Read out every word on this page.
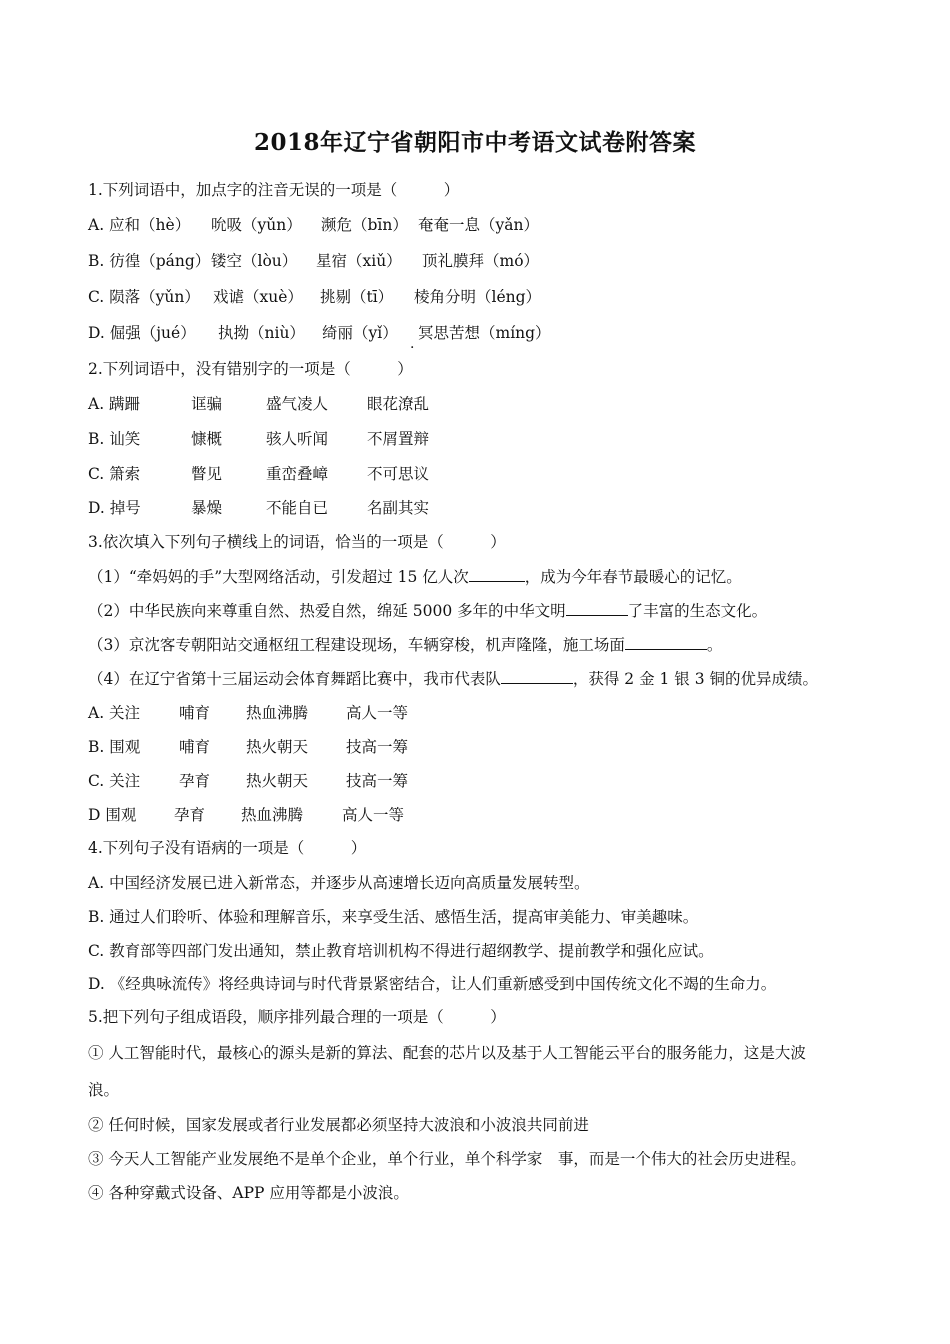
2018年辽宁省朝阳市中考语文试卷附答案
1.下列词语中，加点字的注音无误的一项是（　　　）
A. 应和（hè） 吮吸（yǔn） 濒危（bīn） 奄奄一息（yǎn）
B. 彷徨（páng） 镂空（lòu） 星宿（xiǔ） 顶礼膜拜（mó）
C. 陨落（yǔn） 戏谑（xuè） 挑剔（tī） 棱角分明（léng）
D. 倔强（jué） 执拗（niù） 绮丽（yǐ） 冥思苦想（míng）
·
2.下列词语中，没有错别字的一项是（　　　）
A. 蹒跚	诓骗	盛气凌人	眼花潦乱
B. 讪笑	慷概	骇人听闻	不屑置辩
C. 箫索	瞥见	重峦叠嶂	不可思议
D. 掉号	暴燥	不能自已	名副其实
3.依次填入下列句子横线上的词语，恰当的一项是（　　　）
（1）“牵妈妈的手”大型网络活动，引发超过 15 亿人次	，成为今年春节最暖心的记忆。
（2）中华民族向来尊重自然、热爱自然，绵延 5000 多年的中华文明	了丰富的生态文化。
（3）京沈客专朝阳站交通枢纽工程建设现场，车辆穿梭，机声隆隆，施工场面	。
（4）在辽宁省第十三届运动会体育舞蹈比赛中，我市代表队	，获得 2 金 1 银 3 铜的优异成绩。
A. 关注	哺育 热血沸腾 高人一等
B. 围观	哺育 热火朝天 技高一筹
C. 关注	孕育 热火朝天 技高一筹
D 围观 孕育 热血沸腾	高人一等
4.下列句子没有语病的一项是（　　　）
A. 中国经济发展已进入新常态，并逐步从高速增长迈向高质量发展转型。
B. 通过人们聆听、体验和理解音乐，来享受生活、感悟生活，提高审美能力、审美趣味。
C. 教育部等四部门发出通知，禁止教育培训机构不得进行超纲教学、提前教学和强化应试。
D. 《经典咏流传》将经典诗词与时代背景紧密结合，让人们重新感受到中国传统文化不竭的生命力。
5.把下列句子组成语段，顺序排列最合理的一项是（　　　）
① 人工智能时代，最核心的源头是新的算法、配套的芯片以及基于人工智能云平台的服务能力，这是大波
浪。
② 任何时候，国家发展或者行业发展都必须坚持大波浪和小波浪共同前进
③ 今天人工智能产业发展绝不是单个企业，单个行业，单个科学家　事，而是一个伟大的社会历史进程。
④ 各种穿戴式设备、APP 应用等都是小波浪。
